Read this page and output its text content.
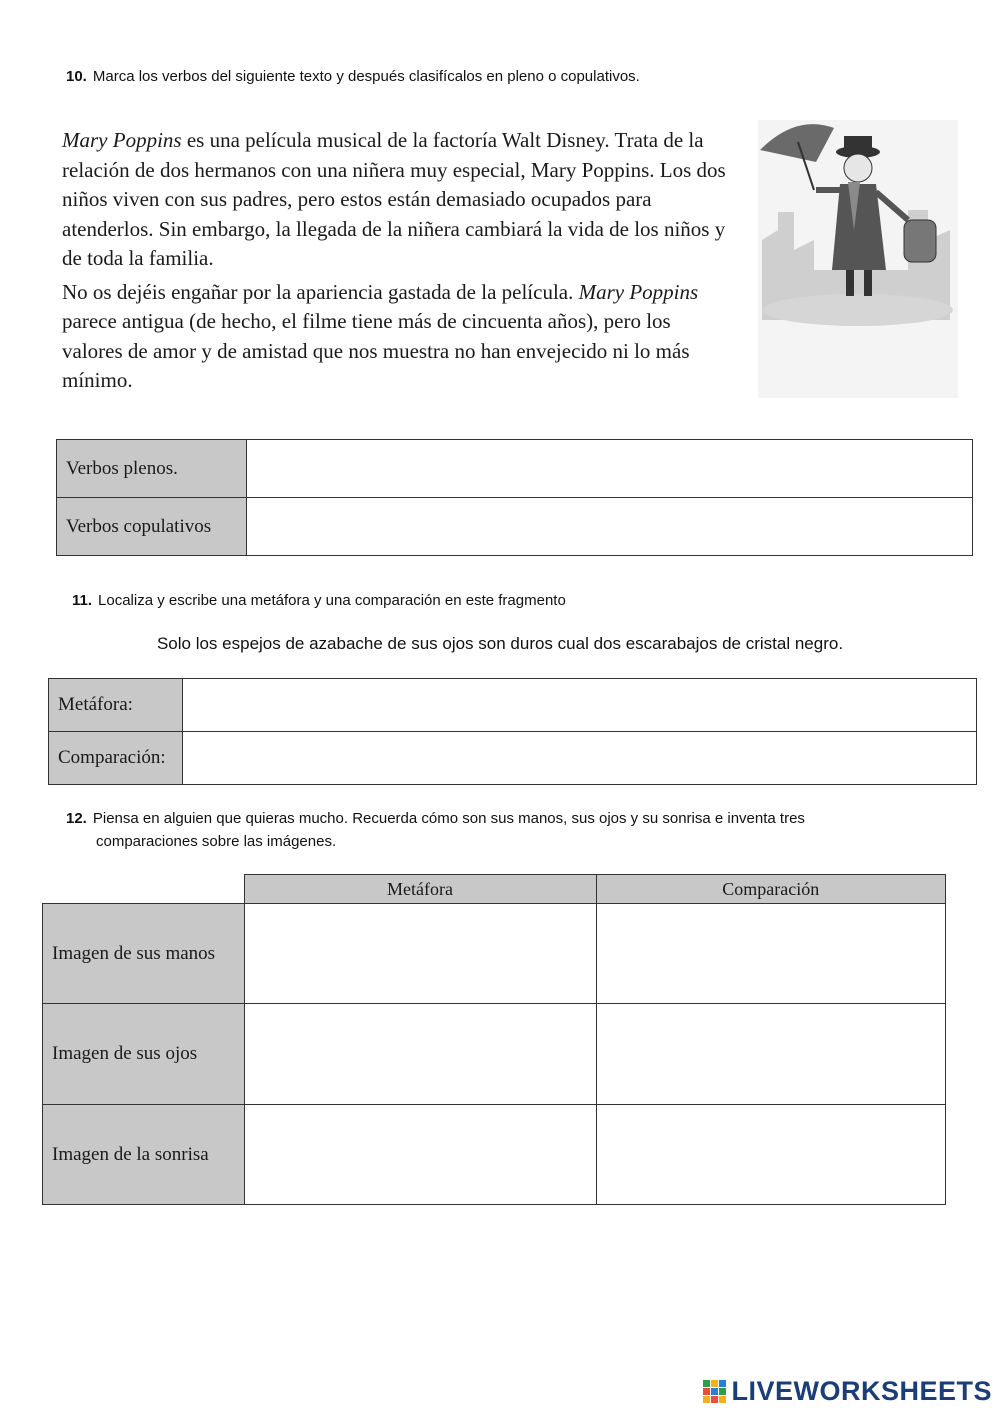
10. Marca los verbos del siguiente texto y después clasifícalos en pleno o copulativos.

Mary Poppins es una película musical de la factoría Walt Disney. Trata de la relación de dos hermanos con una niñera muy especial, Mary Poppins. Los dos niños viven con sus padres, pero estos están demasiado ocupados para atenderlos. Sin embargo, la llegada de la niñera cambiará la vida de los niños y de toda la familia.

No os dejéis engañar por la apariencia gastada de la película. Mary Poppins parece antigua (de hecho, el filme tiene más de cincuenta años), pero los valores de amor y de amistad que nos muestra no han envejecido ni lo más mínimo.

Verbos plenos.	
Verbos copulativos	
11. Localiza y escribe una metáfora y una comparación en este fragmento
Solo los espejos de azabache de sus ojos son duros cual dos escarabajos de cristal negro.
Metáfora:	
Comparación:	
12. Piensa en alguien que quieras mucho. Recuerda cómo son sus manos, sus ojos y su sonrisa e inventa tres
comparaciones sobre las imágenes.
	Metáfora	Comparación
Imagen de sus manos		
Imagen de sus ojos		
Imagen de la sonrisa		
LIVEWORKSHEETS
